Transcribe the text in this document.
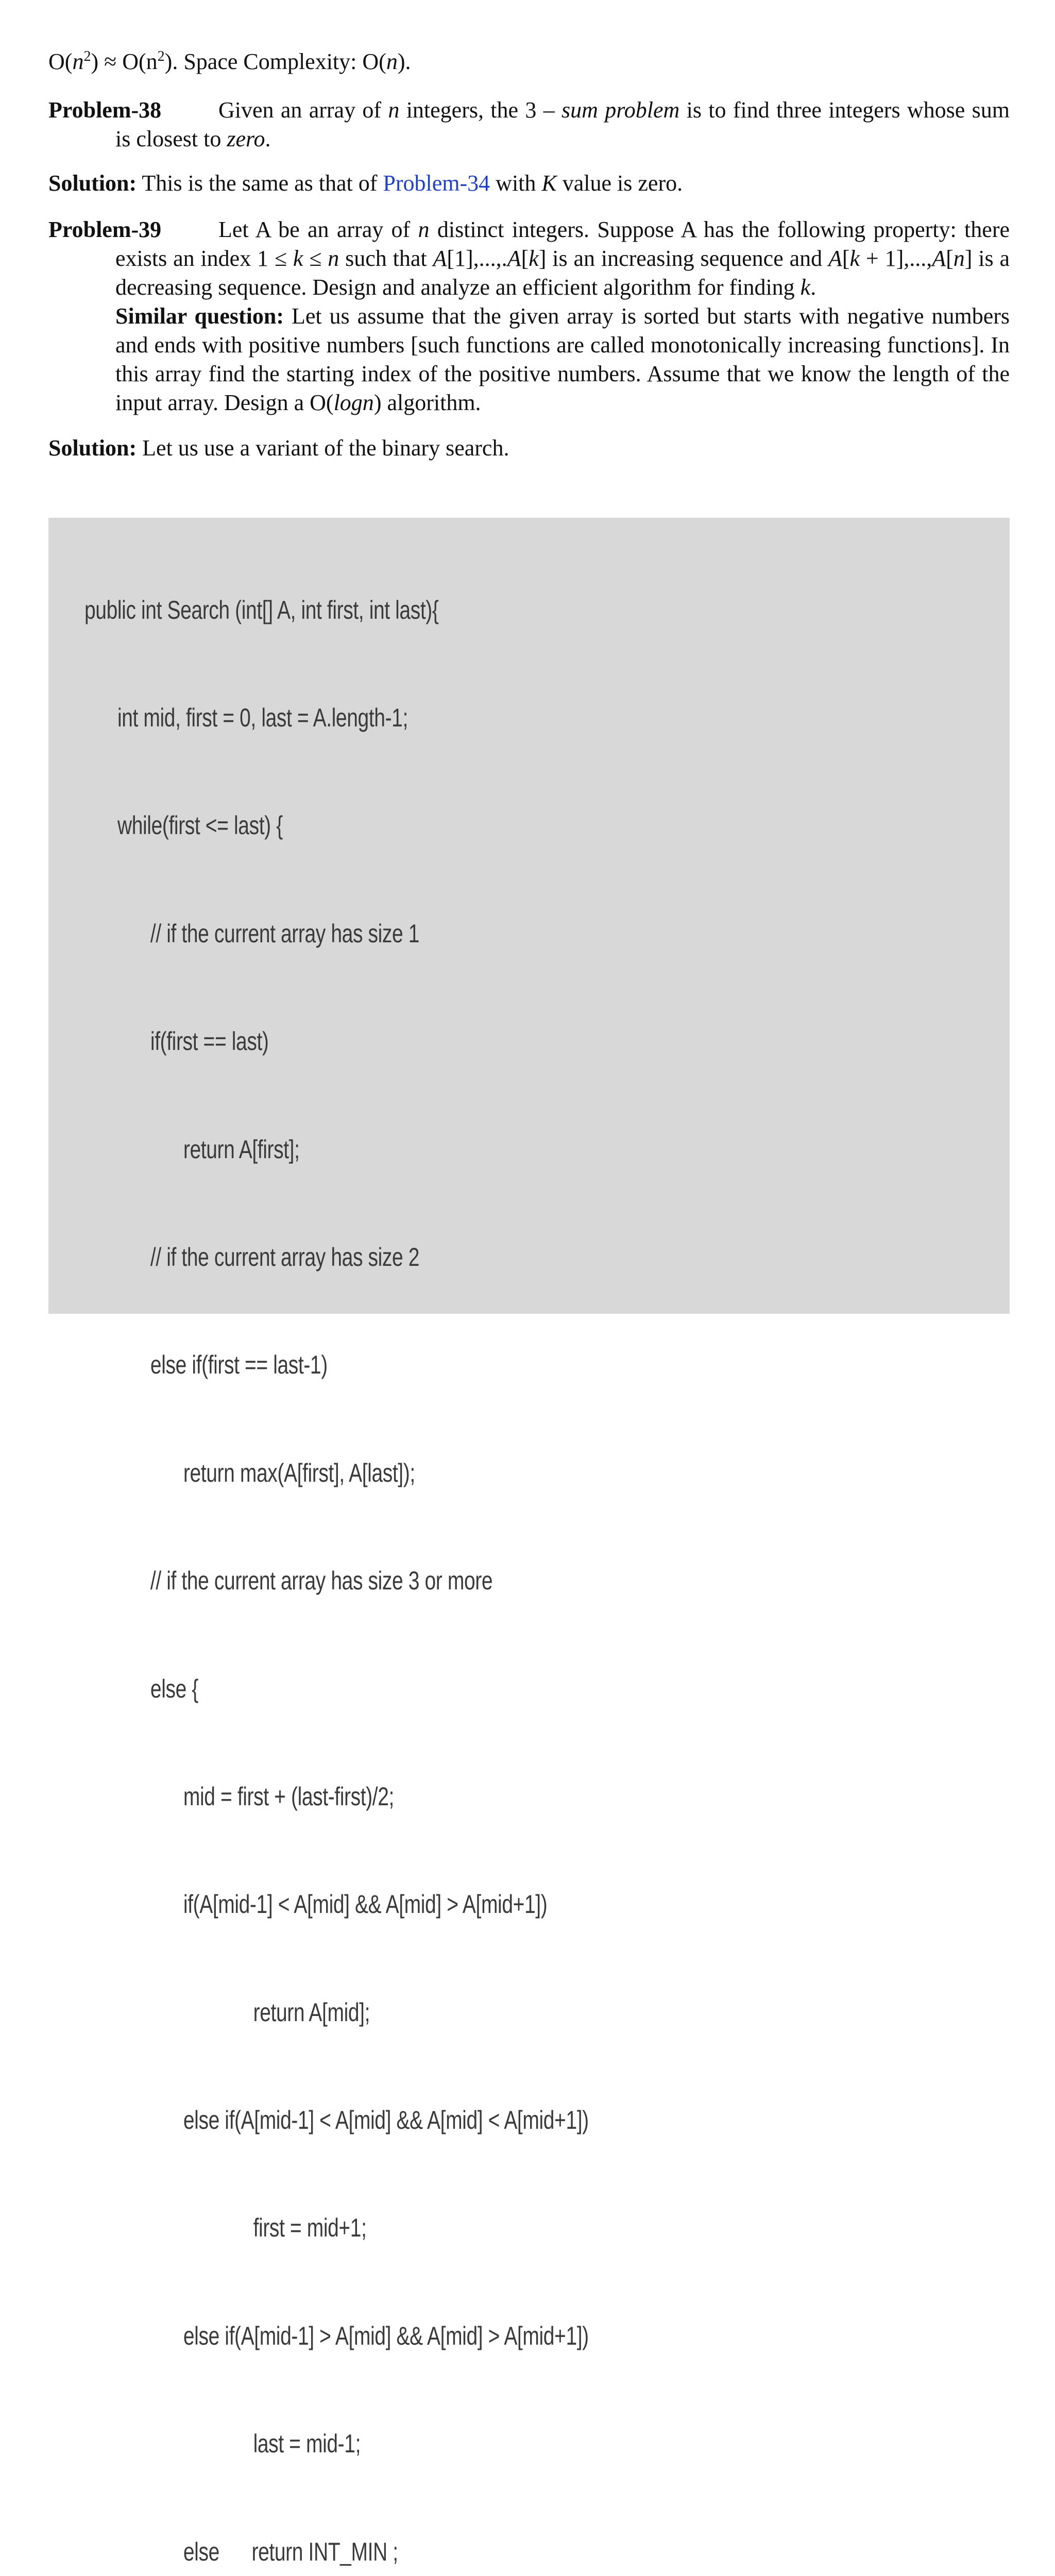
$O(n^2) \approx O(n^2)$. Space Complexity: O(n).
Problem-38	Given an array of n integers, the 3 – sum problem is to find three integers whose sum is closest to zero.
Solution: This is the same as that of Problem-34 with K value is zero.
Problem-39	Let A be an array of n distinct integers. Suppose A has the following property: there exists an index 1 ≤ k ≤ n such that A[1],...,.A[k] is an increasing sequence and A[k + 1],...,A[n] is a decreasing sequence. Design and analyze an efficient algorithm for finding k.
Similar question: Let us assume that the given array is sorted but starts with negative numbers and ends with positive numbers [such functions are called monotonically increasing functions]. In this array find the starting index of the positive numbers. Assume that we know the length of the input array. Design a O(logn) algorithm.
Solution: Let us use a variant of the binary search.

public int Search (int[] A, int first, int last){

int mid, first = 0, last = A.length-1;

while(first <= last) {

// if the current array has size 1

if(first == last)

return A[first];

// if the current array has size 2

else if(first == last-1)

return max(A[first], A[last]);

// if the current array has size 3 or more

else {

mid = first + (last-first)/2;

if(A[mid-1] < A[mid] && A[mid] > A[mid+1])

return A[mid];

else if(A[mid-1] < A[mid] && A[mid] < A[mid+1])

first = mid+1;

else if(A[mid-1] > A[mid] && A[mid] > A[mid+1])

last = mid-1;

else      return INT_MIN ;
